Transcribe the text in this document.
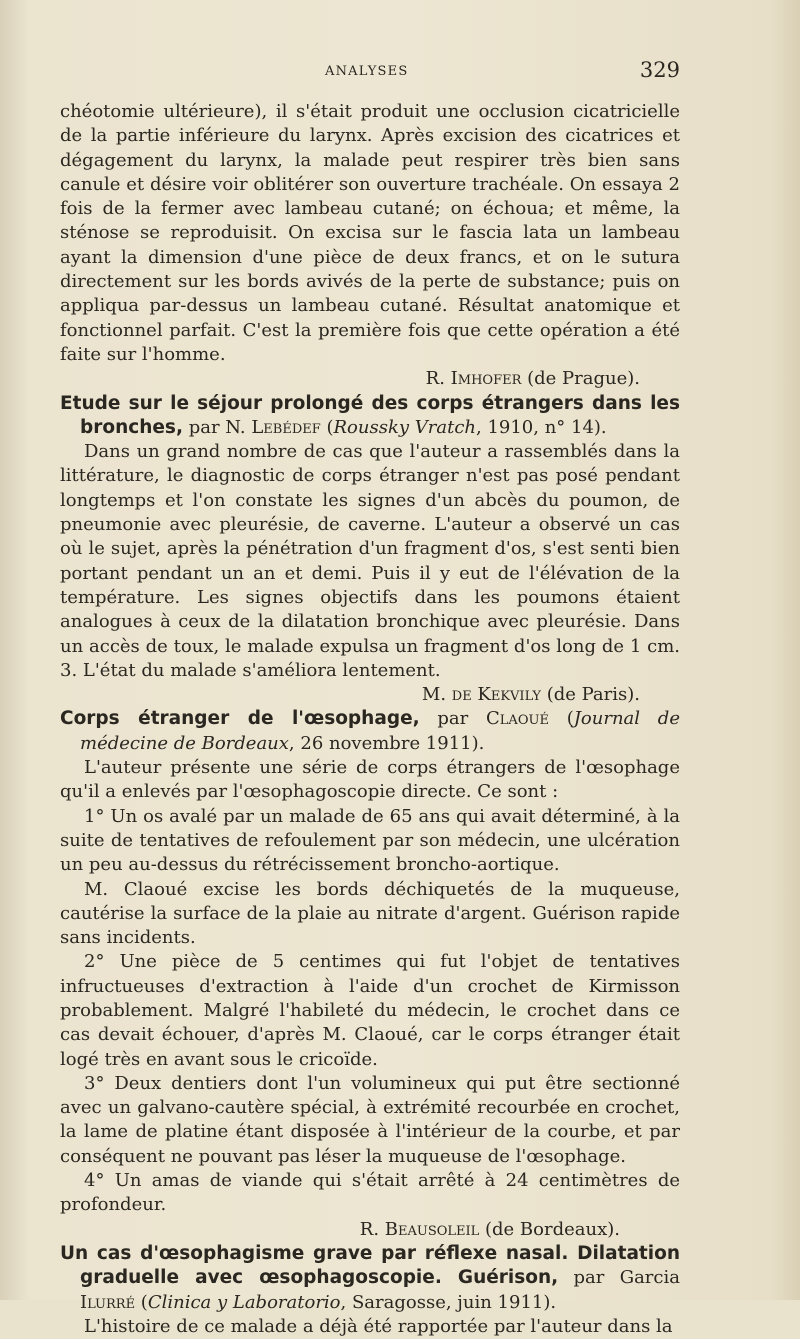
ANALYSES	329

chéotomie ultérieure), il s'était produit une occlusion cicatricielle de la partie inférieure du larynx. Après excision des cicatrices et dégagement du larynx, la malade peut respirer très bien sans canule et désire voir oblitérer son ouverture trachéale. On essaya 2 fois de la fermer avec lambeau cutané; on échoua; et même, la sténose se reproduisit. On excisa sur le fascia lata un lambeau ayant la dimension d'une pièce de deux francs, et on le sutura directement sur les bords avivés de la perte de substance; puis on appliqua par-dessus un lambeau cutané. Résultat anatomique et fonctionnel parfait. C'est la première fois que cette opération a été faite sur l'homme.

R. Imhofer (de Prague).

Etude sur le séjour prolongé des corps étrangers dans les bronches, par N. Lebédef (Roussky Vratch, 1910, n° 14).

Dans un grand nombre de cas que l'auteur a rassemblés dans la littérature, le diagnostic de corps étranger n'est pas posé pendant longtemps et l'on constate les signes d'un abcès du poumon, de pneumonie avec pleurésie, de caverne. L'auteur a observé un cas où le sujet, après la pénétration d'un fragment d'os, s'est senti bien portant pendant un an et demi. Puis il y eut de l'élévation de la température. Les signes objectifs dans les poumons étaient analogues à ceux de la dilatation bronchique avec pleurésie. Dans un accès de toux, le malade expulsa un fragment d'os long de 1 cm. 3. L'état du malade s'améliora lentement.

M. de Kekvily (de Paris).

Corps étranger de l'œsophage, par Claoué (Journal de médecine de Bordeaux, 26 novembre 1911).

L'auteur présente une série de corps étrangers de l'œsophage qu'il a enlevés par l'œsophagoscopie directe. Ce sont :

1° Un os avalé par un malade de 65 ans qui avait déterminé, à la suite de tentatives de refoulement par son médecin, une ulcération un peu au-dessus du rétrécissement broncho-aortique.

M. Claoué excise les bords déchiquetés de la muqueuse, cautérise la surface de la plaie au nitrate d'argent. Guérison rapide sans incidents.

2° Une pièce de 5 centimes qui fut l'objet de tentatives infructueuses d'extraction à l'aide d'un crochet de Kirmisson probablement. Malgré l'habileté du médecin, le crochet dans ce cas devait échouer, d'après M. Claoué, car le corps étranger était logé très en avant sous le cricoïde.

3° Deux dentiers dont l'un volumineux qui put être sectionné avec un galvano-cautère spécial, à extrémité recourbée en crochet, la lame de platine étant disposée à l'intérieur de la courbe, et par conséquent ne pouvant pas léser la muqueuse de l'œsophage.

4° Un amas de viande qui s'était arrêté à 24 centimètres de profondeur.

R. Beausoleil (de Bordeaux).

Un cas d'œsophagisme grave par réflexe nasal. Dilatation graduelle avec œsophagoscopie. Guérison, par Garcia Ilurré (Clinica y Laboratorio, Saragosse, juin 1911).

L'histoire de ce malade a déjà été rapportée par l'auteur dans la
